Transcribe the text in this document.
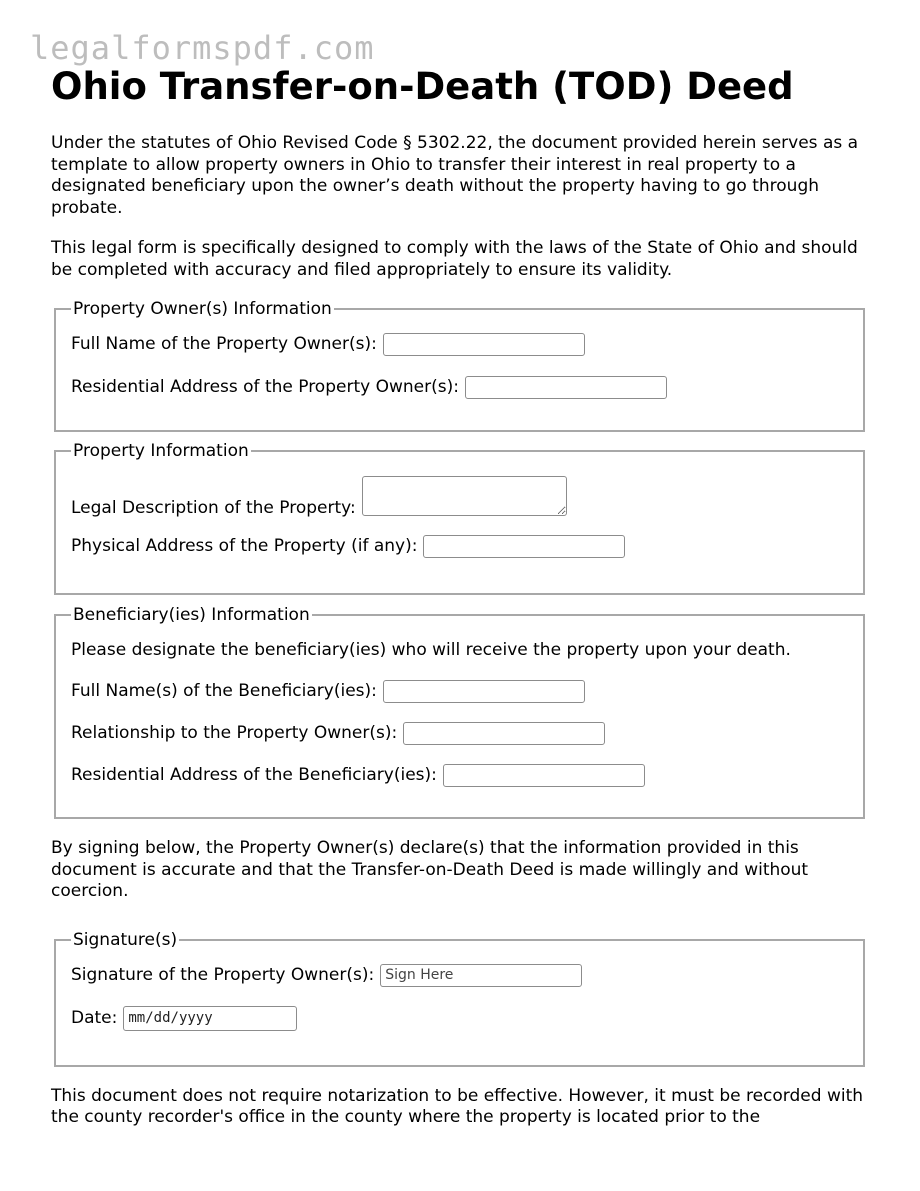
legalformspdf.com
Ohio Transfer-on-Death (TOD) Deed

Under the statutes of Ohio Revised Code § 5302.22, the document provided herein serves as a template to allow property owners in Ohio to transfer their interest in real property to a designated beneficiary upon the owner’s death without the property having to go through probate.

This legal form is specifically designed to comply with the laws of the State of Ohio and should be completed with accuracy and filed appropriately to ensure its validity.

Property Owner(s) Information
Full Name of the Property Owner(s):
Residential Address of the Property Owner(s):
Property Information
Legal Description of the Property:
Physical Address of the Property (if any):
Beneficiary(ies) Information
Please designate the beneficiary(ies) who will receive the property upon your death.
Full Name(s) of the Beneficiary(ies):
Relationship to the Property Owner(s):
Residential Address of the Beneficiary(ies):

By signing below, the Property Owner(s) declare(s) that the information provided in this document is accurate and that the Transfer-on-Death Deed is made willingly and without coercion.

Signature(s)
Signature of the Property Owner(s):
Sign Here
Date: mm/dd/yyyy

This document does not require notarization to be effective. However, it must be recorded with the county recorder's office in the county where the property is located prior to the
